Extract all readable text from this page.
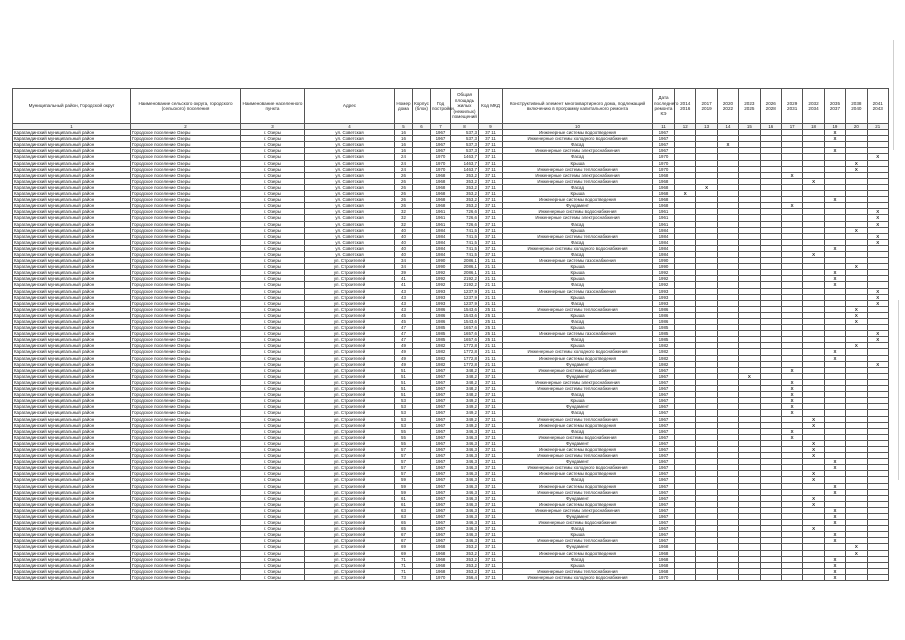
Муниципальный район, Городской округ	Наименование сельского округа, городского (сельского) поселения	Наименование населенного пункта	Адрес	Номер дома	Корпус (блок)	Год постройки	Общая площадь жилых (нежилых) помещений	Код МКД	Конструктивный элемент многоквартирного дома, подлежащий включению в программу капитального ремонта	Дата последнего ремонта КЭ	2014 2016	2017 2019	2020 2022	2023 2025	2026 2028	2029 2031	2032 2034	2035 2037	2038 2040	2041 2043
1	2	3	4	5	6	7	8	9	10	11	12	13	14	15	16	17	18	19	20	21
Карагандинский муниципальный район	Городское поселение Озеры	г. Озеры	ул. Советская	16		1967	537,3	37 11	Инженерные системы водоотведения	1967								X		
Карагандинский муниципальный район	Городское поселение Озеры	г. Озеры	ул. Советская	16		1967	537,3	37 11	Инженерные системы холодного водоснабжения	1967								X		
Карагандинский муниципальный район	Городское поселение Озеры	г. Озеры	ул. Советская	16		1967	537,3	37 11	Фасад	1967			X							
Карагандинский муниципальный район	Городское поселение Озеры	г. Озеры	ул. Советская	16		1967	537,3	37 11	Инженерные системы электроснабжения	1967								X		
Карагандинский муниципальный район	Городское поселение Озеры	г. Озеры	ул. Советская	24		1970	1463,7	37 11	Фасад	1970										X
Карагандинский муниципальный район	Городское поселение Озеры	г. Озеры	ул. Советская	24		1970	1463,7	37 11	Крыша	1970									X	
Карагандинский муниципальный район	Городское поселение Озеры	г. Озеры	ул. Советская	24		1970	1463,7	37 11	Инженерные системы теплоснабжения	1970									X	
Карагандинский муниципальный район	Городское поселение Озеры	г. Озеры	ул. Советская	26		1968	353,2	37 11	Инженерные системы электроснабжения	1968						X				
Карагандинский муниципальный район	Городское поселение Озеры	г. Озеры	ул. Советская	26		1968	353,2	37 11	Инженерные системы теплоснабжения	1968							X			
Карагандинский муниципальный район	Городское поселение Озеры	г. Озеры	ул. Советская	26		1968	353,2	37 11	Фасад	1968		X								
Карагандинский муниципальный район	Городское поселение Озеры	г. Озеры	ул. Советская	26		1968	353,2	37 11	Крыша	1968	X									
Карагандинский муниципальный район	Городское поселение Озеры	г. Озеры	ул. Советская	26		1968	353,2	37 11	Инженерные системы водоотведения	1968								X		
Карагандинский муниципальный район	Городское поселение Озеры	г. Озеры	ул. Советская	26		1968	353,2	37 11	Фундамент	1968						X				
Карагандинский муниципальный район	Городское поселение Озеры	г. Озеры	ул. Советская	32		1961	726,6	37 11	Инженерные системы водоснабжения	1961										X
Карагандинский муниципальный район	Городское поселение Озеры	г. Озеры	ул. Советская	32		1961	726,6	37 11	Инженерные системы электроснабжения	1961										X
Карагандинский муниципальный район	Городское поселение Озеры	г. Озеры	ул. Советская	32		1961	726,6	37 11	Фасад	1961										X
Карагандинский муниципальный район	Городское поселение Озеры	г. Озеры	ул. Советская	40		1984	741,5	37 11	Крыша	1984									X	
Карагандинский муниципальный район	Городское поселение Озеры	г. Озеры	ул. Советская	40		1984	741,5	37 11	Инженерные системы теплоснабжения	1984										X
Карагандинский муниципальный район	Городское поселение Озеры	г. Озеры	ул. Советская	40		1984	741,5	37 11	Фасад	1984										X
Карагандинский муниципальный район	Городское поселение Озеры	г. Озеры	ул. Советская	40		1984	741,5	37 11	Инженерные системы холодного водоснабжения	1984								X		
Карагандинский муниципальный район	Городское поселение Озеры	г. Озеры	ул. Советская	40		1984	741,5	37 11	Фасад	1984							X			
Карагандинский муниципальный район	Городское поселение Озеры	г. Озеры	ул. Строителей	34		1990	2086,1	21 11	Инженерные системы газоснабжения	1990										
Карагандинский муниципальный район	Городское поселение Озеры	г. Озеры	ул. Строителей	34		1990	2086,1	21 11	Крыша	1990									X	
Карагандинский муниципальный район	Городское поселение Озеры	г. Озеры	ул. Строителей	39		1992	2086,1	21 11	Крыша	1992								X		
Карагандинский муниципальный район	Городское поселение Озеры	г. Озеры	ул. Строителей	41		1992	2192,2	21 11	Крыша	1992								X		
Карагандинский муниципальный район	Городское поселение Озеры	г. Озеры	ул. Строителей	41		1992	2192,2	21 11	Фасад	1992								X		
Карагандинский муниципальный район	Городское поселение Озеры	г. Озеры	ул. Строителей	43		1993	1237,9	21 11	Инженерные системы газоснабжения	1993										X
Карагандинский муниципальный район	Городское поселение Озеры	г. Озеры	ул. Строителей	43		1993	1237,9	21 11	Крыша	1993										X
Карагандинский муниципальный район	Городское поселение Озеры	г. Озеры	ул. Строителей	43		1993	1237,9	21 11	Фасад	1993										X
Карагандинский муниципальный район	Городское поселение Озеры	г. Озеры	ул. Строителей	43		1986	1543,6	25 11	Инженерные системы теплоснабжения	1986									X	
Карагандинский муниципальный район	Городское поселение Озеры	г. Озеры	ул. Строителей	45		1986	1543,6	25 11	Крыша	1986									X	
Карагандинский муниципальный район	Городское поселение Озеры	г. Озеры	ул. Строителей	45		1986	1543,6	25 11	Фасад	1986									X	
Карагандинский муниципальный район	Городское поселение Озеры	г. Озеры	ул. Строителей	47		1985	1657,6	25 11	Крыша	1985										
Карагандинский муниципальный район	Городское поселение Озеры	г. Озеры	ул. Строителей	47		1985	1657,6	25 11	Инженерные системы газоснабжения	1985										X
Карагандинский муниципальный район	Городское поселение Озеры	г. Озеры	ул. Строителей	47		1985	1657,6	25 11	Фасад	1985										X
Карагандинский муниципальный район	Городское поселение Озеры	г. Озеры	ул. Строителей	49		1982	1772,8	21 11	Крыша	1982									X	
Карагандинский муниципальный район	Городское поселение Озеры	г. Озеры	ул. Строителей	49		1982	1772,8	21 11	Инженерные системы холодного водоснабжения	1982								X		
Карагандинский муниципальный район	Городское поселение Озеры	г. Озеры	ул. Строителей	49		1982	1772,8	21 11	Инженерные системы водоотведения	1982								X		
Карагандинский муниципальный район	Городское поселение Озеры	г. Озеры	ул. Строителей	49		1982	1772,8	21 11	Фундамент	1982										X
Карагандинский муниципальный район	Городское поселение Озеры	г. Озеры	ул. Строителей	51		1967	348,2	37 11	Инженерные системы водоснабжения	1967						X				
Карагандинский муниципальный район	Городское поселение Озеры	г. Озеры	ул. Строителей	51		1967	348,2	37 11	Фундамент	1967				X						
Карагандинский муниципальный район	Городское поселение Озеры	г. Озеры	ул. Строителей	51		1967	348,2	37 11	Инженерные системы электроснабжения	1967						X				
Карагандинский муниципальный район	Городское поселение Озеры	г. Озеры	ул. Строителей	51		1967	348,2	37 11	Инженерные системы теплоснабжения	1967						X				
Карагандинский муниципальный район	Городское поселение Озеры	г. Озеры	ул. Строителей	51		1967	348,2	37 11	Фасад	1967						X				
Карагандинский муниципальный район	Городское поселение Озеры	г. Озеры	ул. Строителей	53		1967	349,2	37 11	Крыша	1967						X				
Карагандинский муниципальный район	Городское поселение Озеры	г. Озеры	ул. Строителей	53		1967	349,2	37 11	Фундамент	1967						X				
Карагандинский муниципальный район	Городское поселение Озеры	г. Озеры	ул. Строителей	53		1967	349,2	37 11	Фасад	1967						X				
Карагандинский муниципальный район	Городское поселение Озеры	г. Озеры	ул. Строителей	53		1967	349,2	37 11	Инженерные системы теплоснабжения	1967							X			
Карагандинский муниципальный район	Городское поселение Озеры	г. Озеры	ул. Строителей	53		1967	349,2	37 11	Инженерные системы водоотведения	1967							X			
Карагандинский муниципальный район	Городское поселение Озеры	г. Озеры	ул. Строителей	55		1967	346,3	37 11	Фасад	1967						X				
Карагандинский муниципальный район	Городское поселение Озеры	г. Озеры	ул. Строителей	55		1967	346,3	37 11	Инженерные системы водоснабжения	1967						X				
Карагандинский муниципальный район	Городское поселение Озеры	г. Озеры	ул. Строителей	55		1967	346,3	37 11	Фундамент	1967							X			
Карагандинский муниципальный район	Городское поселение Озеры	г. Озеры	ул. Строителей	57		1967	346,3	37 11	Инженерные системы водоотведения	1967							X			
Карагандинский муниципальный район	Городское поселение Озеры	г. Озеры	ул. Строителей	57		1967	346,3	37 11	Инженерные системы теплоснабжения	1967							X			
Карагандинский муниципальный район	Городское поселение Озеры	г. Озеры	ул. Строителей	57		1967	346,3	37 11	Фундамент	1967								X		
Карагандинский муниципальный район	Городское поселение Озеры	г. Озеры	ул. Строителей	57		1967	346,3	37 11	Инженерные системы холодного водоснабжения	1967								X		
Карагандинский муниципальный район	Городское поселение Озеры	г. Озеры	ул. Строителей	57		1967	346,3	37 11	Инженерные системы водоотведения	1967							X			
Карагандинский муниципальный район	Городское поселение Озеры	г. Озеры	ул. Строителей	59		1967	346,3	37 11	Фасад	1967							X			
Карагандинский муниципальный район	Городское поселение Озеры	г. Озеры	ул. Строителей	59		1967	346,3	37 11	Инженерные системы водоотведения	1967								X		
Карагандинский муниципальный район	Городское поселение Озеры	г. Озеры	ул. Строителей	59		1967	346,3	37 11	Инженерные системы теплоснабжения	1967								X		
Карагандинский муниципальный район	Городское поселение Озеры	г. Озеры	ул. Строителей	61		1967	346,3	37 11	Фундамент	1967							X			
Карагандинский муниципальный район	Городское поселение Озеры	г. Озеры	ул. Строителей	61		1967	346,3	37 11	Инженерные системы водоотведения	1967							X			
Карагандинский муниципальный район	Городское поселение Озеры	г. Озеры	ул. Строителей	63		1967	346,3	37 11	Инженерные системы электроснабжения	1967								X		
Карагандинский муниципальный район	Городское поселение Озеры	г. Озеры	ул. Строителей	63		1967	346,3	37 11	Фундамент	1967								X		
Карагандинский муниципальный район	Городское поселение Озеры	г. Озеры	ул. Строителей	65		1967	346,3	37 11	Инженерные системы водоснабжения	1967								X		
Карагандинский муниципальный район	Городское поселение Озеры	г. Озеры	ул. Строителей	65		1967	346,3	37 11	Фасад	1967							X			
Карагандинский муниципальный район	Городское поселение Озеры	г. Озеры	ул. Строителей	67		1967	346,3	37 11	Крыша	1967								X		
Карагандинский муниципальный район	Городское поселение Озеры	г. Озеры	ул. Строителей	67		1967	346,3	37 11	Инженерные системы теплоснабжения	1967								X		
Карагандинский муниципальный район	Городское поселение Озеры	г. Озеры	ул. Строителей	69		1968	353,2	37 11	Фундамент	1968									X	
Карагандинский муниципальный район	Городское поселение Озеры	г. Озеры	ул. Строителей	69		1968	353,2	37 11	Инженерные системы водоотведения	1968									X	
Карагандинский муниципальный район	Городское поселение Озеры	г. Озеры	ул. Строителей	71		1968	353,2	37 11	Фасад	1968								X		
Карагандинский муниципальный район	Городское поселение Озеры	г. Озеры	ул. Строителей	71		1968	353,2	37 11	Крыша	1968								X		
Карагандинский муниципальный район	Городское поселение Озеры	г. Озеры	ул. Строителей	71		1968	353,2	37 11	Инженерные системы теплоснабжения	1968								X		
Карагандинский муниципальный район	Городское поселение Озеры	г. Озеры	ул. Строителей	73		1970	356,4	37 11	Инженерные системы холодного водоснабжения	1970								X		
